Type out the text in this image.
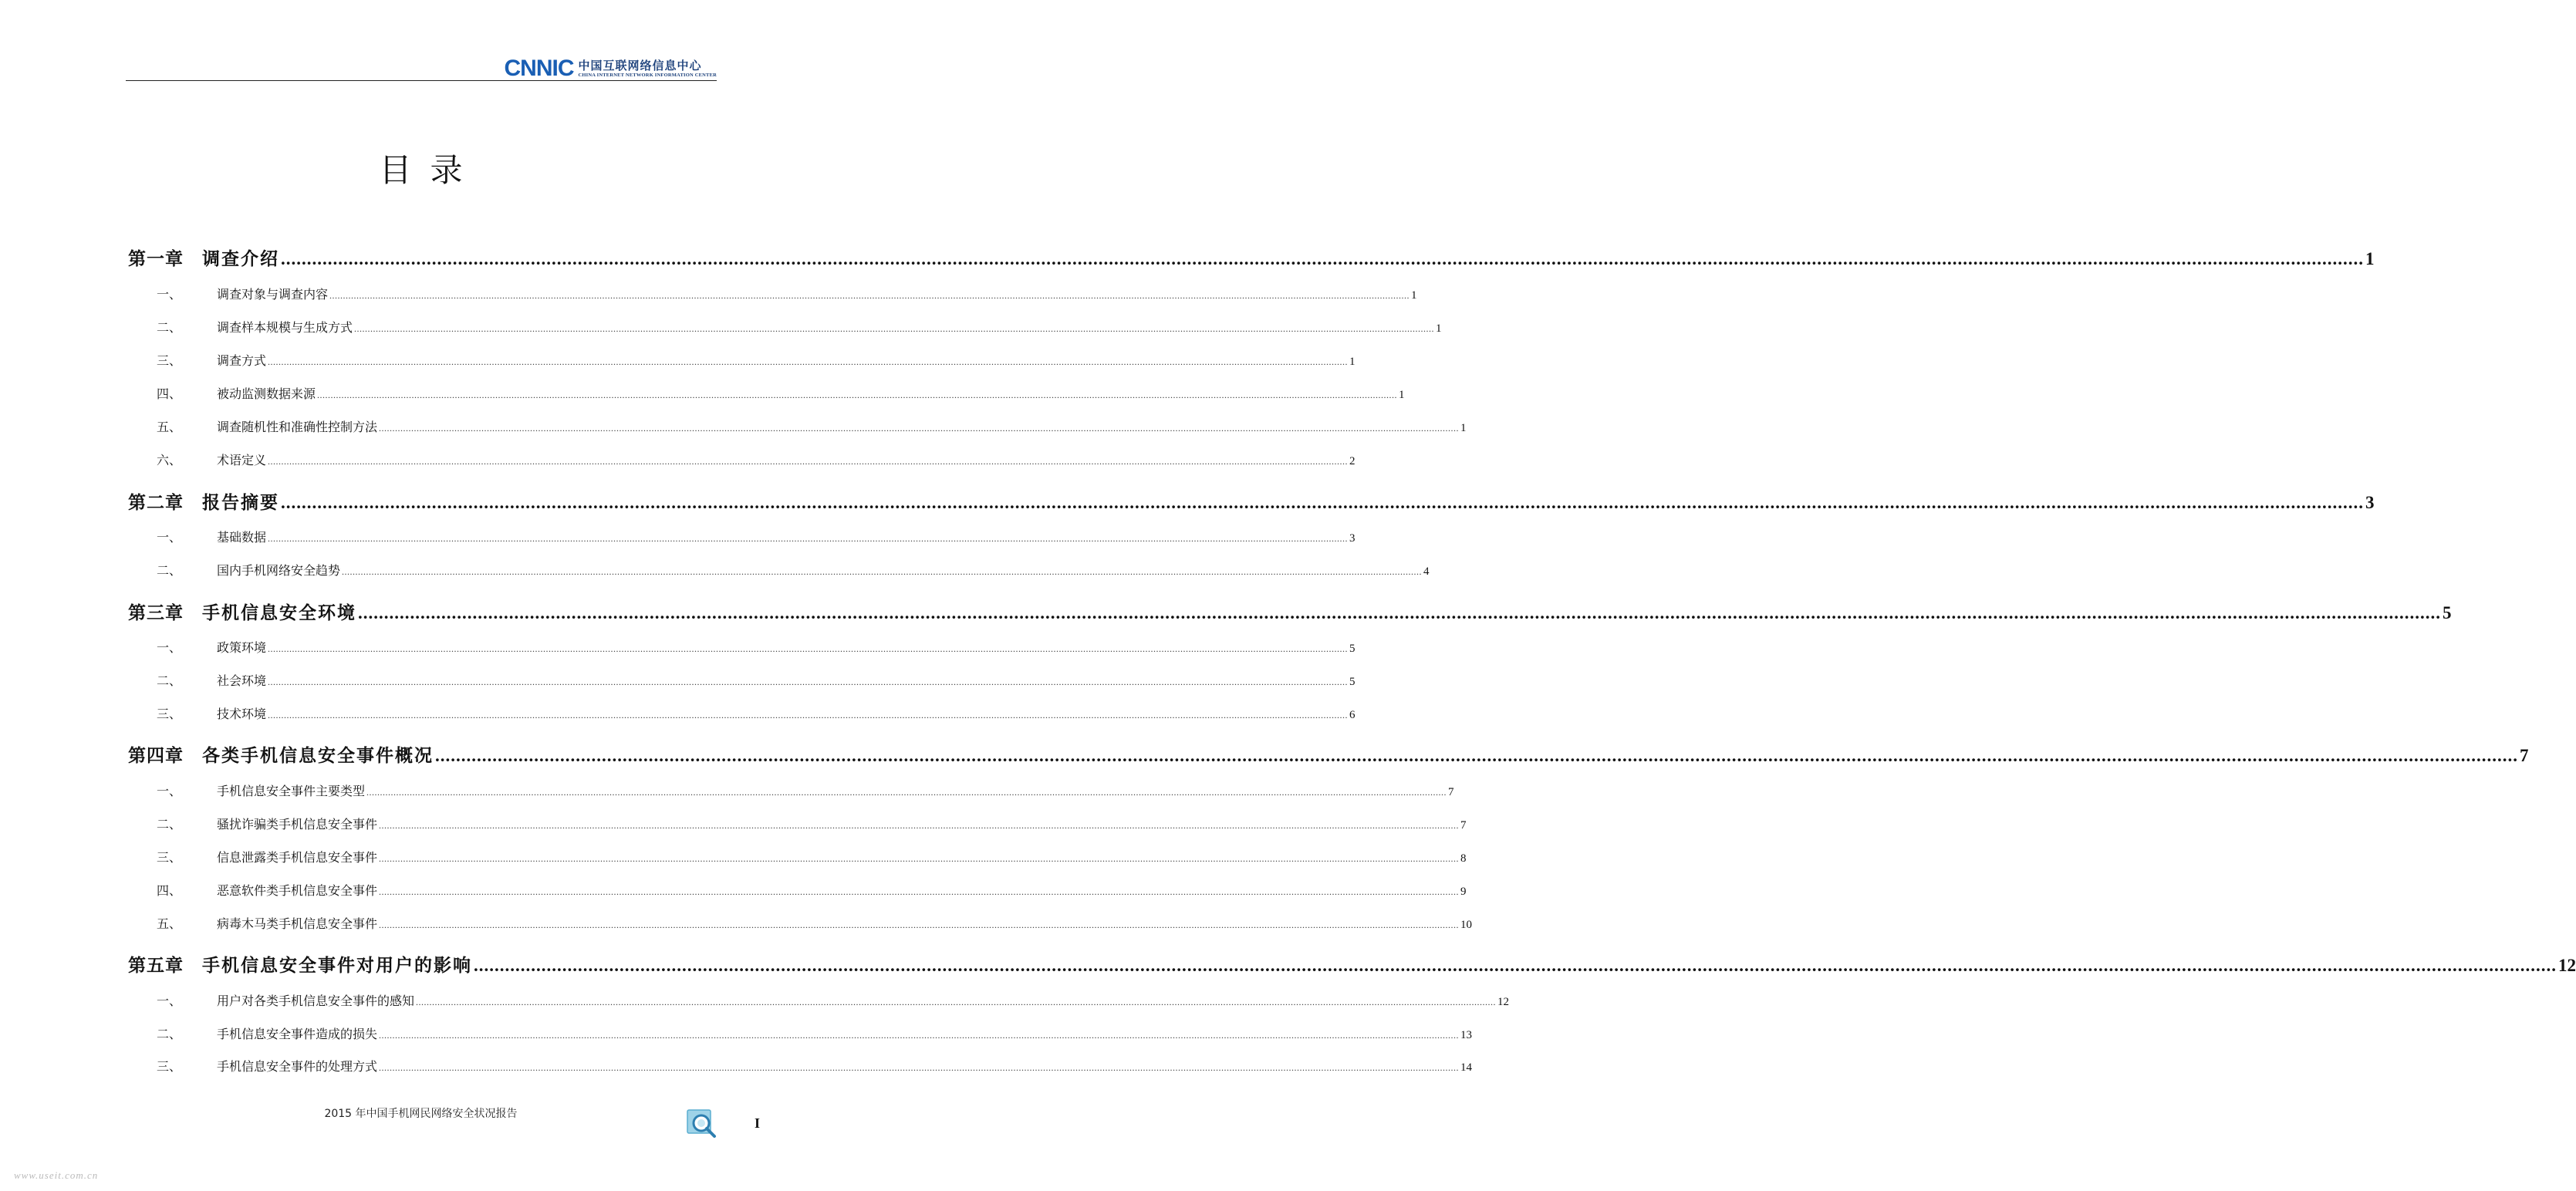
CNNIC 中国互联网络信息中心
CHINA INTERNET NETWORK INFORMATION CENTER
目录
第一章	调查介绍 ................................................................................................................................................................................................................................................................................................................................................................................................................ 1
一、	调查对象与调查内容 ................................................................................................................................................................................................................................................................................................................................................................................................................ 1
二、	调查样本规模与生成方式 ................................................................................................................................................................................................................................................................................................................................................................................................................ 1
三、	调查方式 ................................................................................................................................................................................................................................................................................................................................................................................................................ 1
四、	被动监测数据来源 ................................................................................................................................................................................................................................................................................................................................................................................................................ 1
五、	调查随机性和准确性控制方法 ................................................................................................................................................................................................................................................................................................................................................................................................................ 1
六、	术语定义 ................................................................................................................................................................................................................................................................................................................................................................................................................ 2
第二章	报告摘要 ................................................................................................................................................................................................................................................................................................................................................................................................................ 3
一、	基础数据 ................................................................................................................................................................................................................................................................................................................................................................................................................ 3
二、	国内手机网络安全趋势 ................................................................................................................................................................................................................................................................................................................................................................................................................ 4
第三章	手机信息安全环境 ................................................................................................................................................................................................................................................................................................................................................................................................................ 5
一、	政策环境 ................................................................................................................................................................................................................................................................................................................................................................................................................ 5
二、	社会环境 ................................................................................................................................................................................................................................................................................................................................................................................................................ 5
三、	技术环境 ................................................................................................................................................................................................................................................................................................................................................................................................................ 6
第四章	各类手机信息安全事件概况 ................................................................................................................................................................................................................................................................................................................................................................................................................ 7
一、	手机信息安全事件主要类型 ................................................................................................................................................................................................................................................................................................................................................................................................................ 7
二、	骚扰诈骗类手机信息安全事件 ................................................................................................................................................................................................................................................................................................................................................................................................................ 7
三、	信息泄露类手机信息安全事件 ................................................................................................................................................................................................................................................................................................................................................................................................................ 8
四、	恶意软件类手机信息安全事件 ................................................................................................................................................................................................................................................................................................................................................................................................................ 9
五、	病毒木马类手机信息安全事件 ................................................................................................................................................................................................................................................................................................................................................................................................................ 10
第五章	手机信息安全事件对用户的影响 ................................................................................................................................................................................................................................................................................................................................................................................................................ 12
一、	用户对各类手机信息安全事件的感知 ................................................................................................................................................................................................................................................................................................................................................................................................................ 12
二、	手机信息安全事件造成的损失 ................................................................................................................................................................................................................................................................................................................................................................................................................ 13
三、	手机信息安全事件的处理方式 ................................................................................................................................................................................................................................................................................................................................................................................................................ 14
2015 年中国手机网民网络安全状况报告
I
www.useit.com.cn
